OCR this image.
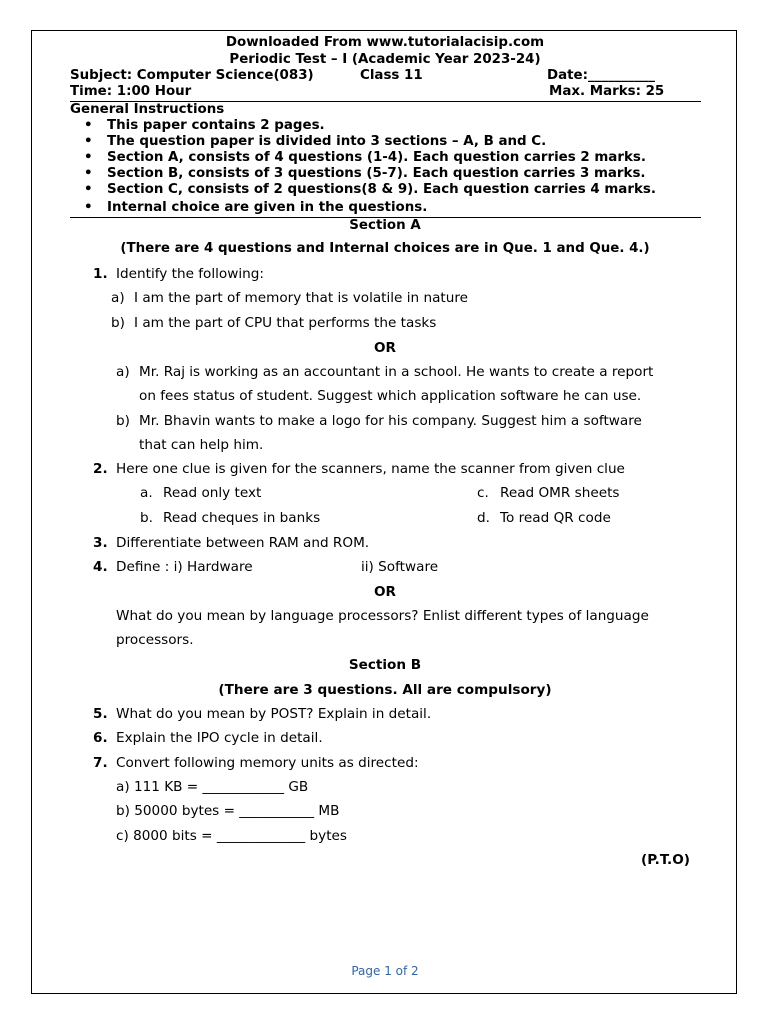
Downloaded From www.tutorialacisip.com
Periodic Test – I (Academic Year 2023-24)
Subject: Computer Science(083)	Class 11	Date:__________
Time: 1:00 Hour	Max. Marks: 25
General Instructions
• This paper contains 2 pages.
• The question paper is divided into 3 sections – A, B and C.
• Section A, consists of 4 questions (1-4). Each question carries 2 marks.
• Section B, consists of 3 questions (5-7). Each question carries 3 marks.
• Section C, consists of 2 questions(8 & 9). Each question carries 4 marks.
• Internal choice are given in the questions.
Section A
(There are 4 questions and Internal choices are in Que. 1 and Que. 4.)
1. Identify the following:
a) I am the part of memory that is volatile in nature
b) I am the part of CPU that performs the tasks
OR
a) Mr. Raj is working as an accountant in a school. He wants to create a report
on fees status of student. Suggest which application software he can use.
b) Mr. Bhavin wants to make a logo for his company. Suggest him a software
that can help him.
2. Here one clue is given for the scanners, name the scanner from given clue
a. Read only text	c. Read OMR sheets
b. Read cheques in banks	d. To read QR code
3. Differentiate between RAM and ROM.
4. Define : i) Hardware	ii) Software
OR
What do you mean by language processors? Enlist different types of language
processors.
Section B
(There are 3 questions. All are compulsory)
5. What do you mean by POST? Explain in detail.
6. Explain the IPO cycle in detail.
7. Convert following memory units as directed:
a) 111 KB = ____________ GB
b) 50000 bytes = ___________ MB
c) 8000 bits = _____________ bytes
(P.T.O)
Page 1 of 2
